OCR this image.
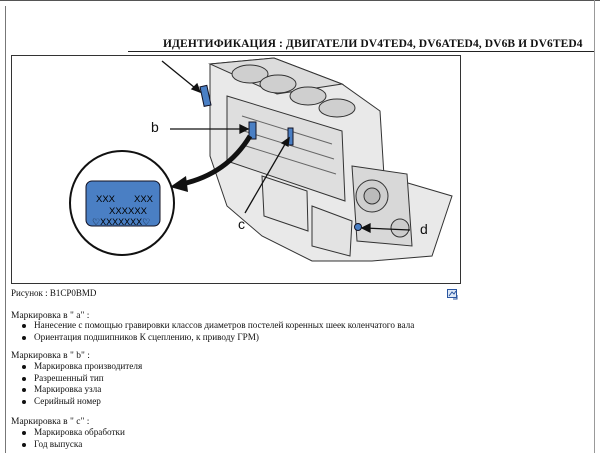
ИДЕНТИФИКАЦИЯ : ДВИГАТЕЛИ DV4TED4, DV6ATED4, DV6B И DV6TED4
XXX XXX
XXXXXX
♡XXXXXXX♡
b
c	d
Рисунок : B1CP0BMD
Маркировка в " a" :
Нанесение с помощью гравировки классов диаметров постелей коренных шеек коленчатого вала
Ориентация подшипников К сцеплению, к приводу ГРМ)
Маркировка в " b" :
Маркировка производителя
Разрешенный тип
Маркировка узла
Серийный номер
Маркировка в " c" :
Маркировка обработки
Год выпуска
